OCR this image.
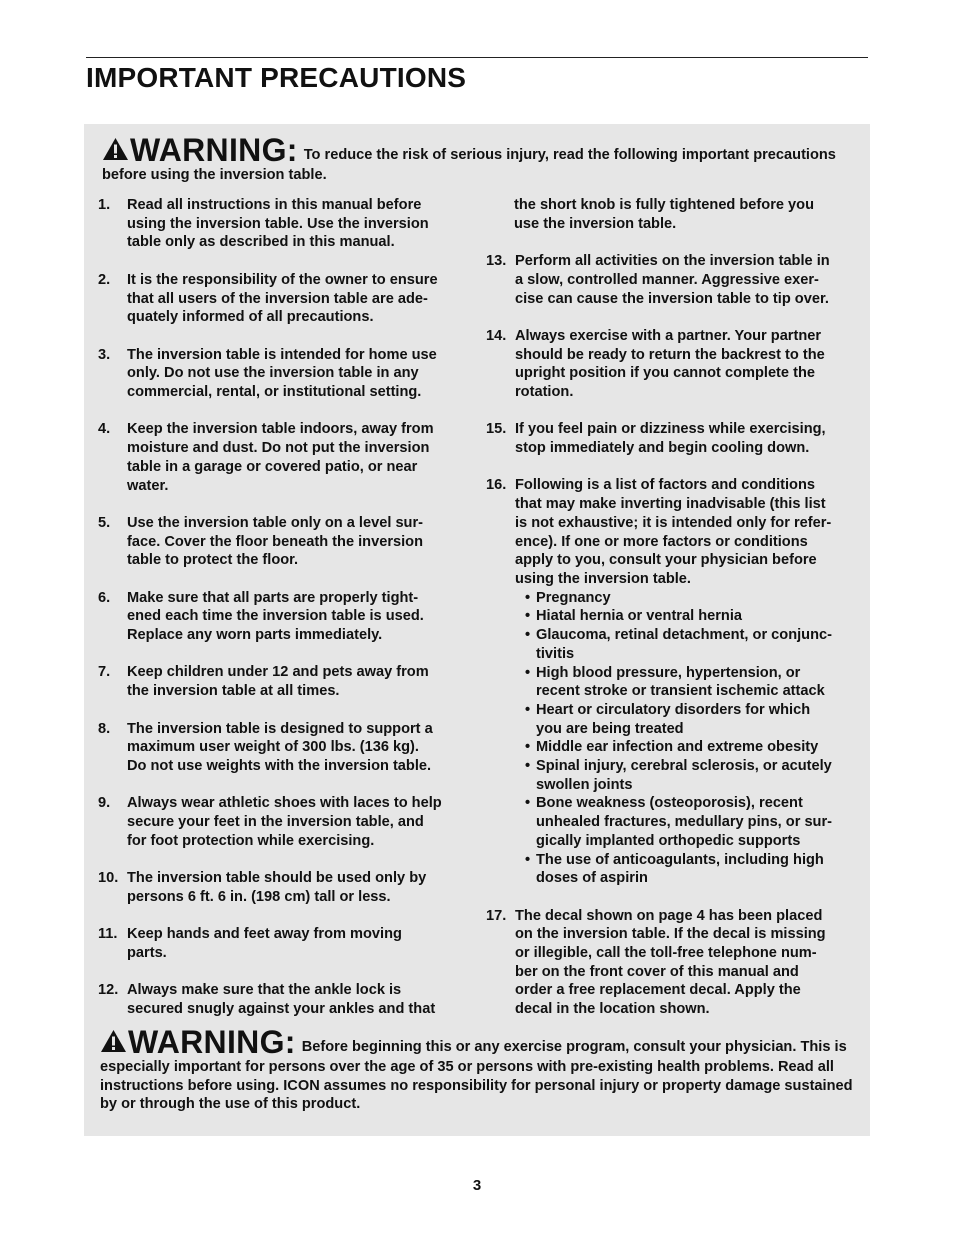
IMPORTANT PRECAUTIONS
WARNING: To reduce the risk of serious injury, read the following important precautions before using the inversion table.
1.	Read all instructions in this manual before
using the inversion table. Use the inversion
table only as described in this manual.
2.	It is the responsibility of the owner to ensure
that all users of the inversion table are ade-
quately informed of all precautions.
3.	The inversion table is intended for home use
only. Do not use the inversion table in any
commercial, rental, or institutional setting.
4.	Keep the inversion table indoors, away from
moisture and dust. Do not put the inversion
table in a garage or covered patio, or near
water.
5.	Use the inversion table only on a level sur-
face. Cover the floor beneath the inversion
table to protect the floor.
6.	Make sure that all parts are properly tight-
ened each time the inversion table is used.
Replace any worn parts immediately.
7.	Keep children under 12 and pets away from
the inversion table at all times.
8.	The inversion table is designed to support a
maximum user weight of 300 lbs. (136 kg).
Do not use weights with the inversion table.
9.	Always wear athletic shoes with laces to help
secure your feet in the inversion table, and
for foot protection while exercising.
10. The inversion table should be used only by
persons 6 ft. 6 in. (198 cm) tall or less.
11. Keep hands and feet away from moving
parts.
12. Always make sure that the ankle lock is
secured snugly against your ankles and that
the short knob is fully tightened before you
use the inversion table.
13. Perform all activities on the inversion table in
a slow, controlled manner. Aggressive exer-
cise can cause the inversion table to tip over.
14. Always exercise with a partner. Your partner
should be ready to return the backrest to the
upright position if you cannot complete the
rotation.
15. If you feel pain or dizziness while exercising,
stop immediately and begin cooling down.
16. Following is a list of factors and conditions
that may make inverting inadvisable (this list
is not exhaustive; it is intended only for refer-
ence). If one or more factors or conditions
apply to you, consult your physician before
using the inversion table.
• Pregnancy
• Hiatal hernia or ventral hernia
• Glaucoma, retinal detachment, or conjunc-
tivitis
• High blood pressure, hypertension, or
recent stroke or transient ischemic attack
• Heart or circulatory disorders for which
you are being treated
• Middle ear infection and extreme obesity
• Spinal injury, cerebral sclerosis, or acutely
swollen joints
• Bone weakness (osteoporosis), recent
unhealed fractures, medullary pins, or sur-
gically implanted orthopedic supports
• The use of anticoagulants, including high
doses of aspirin
17. The decal shown on page 4 has been placed
on the inversion table. If the decal is missing
or illegible, call the toll-free telephone num-
ber on the front cover of this manual and
order a free replacement decal. Apply the
decal in the location shown.
WARNING: Before beginning this or any exercise program, consult your physician. This is especially important for persons over the age of 35 or persons with pre-existing health problems. Read all instructions before using. ICON assumes no responsibility for personal injury or property damage sustained by or through the use of this product.
3
